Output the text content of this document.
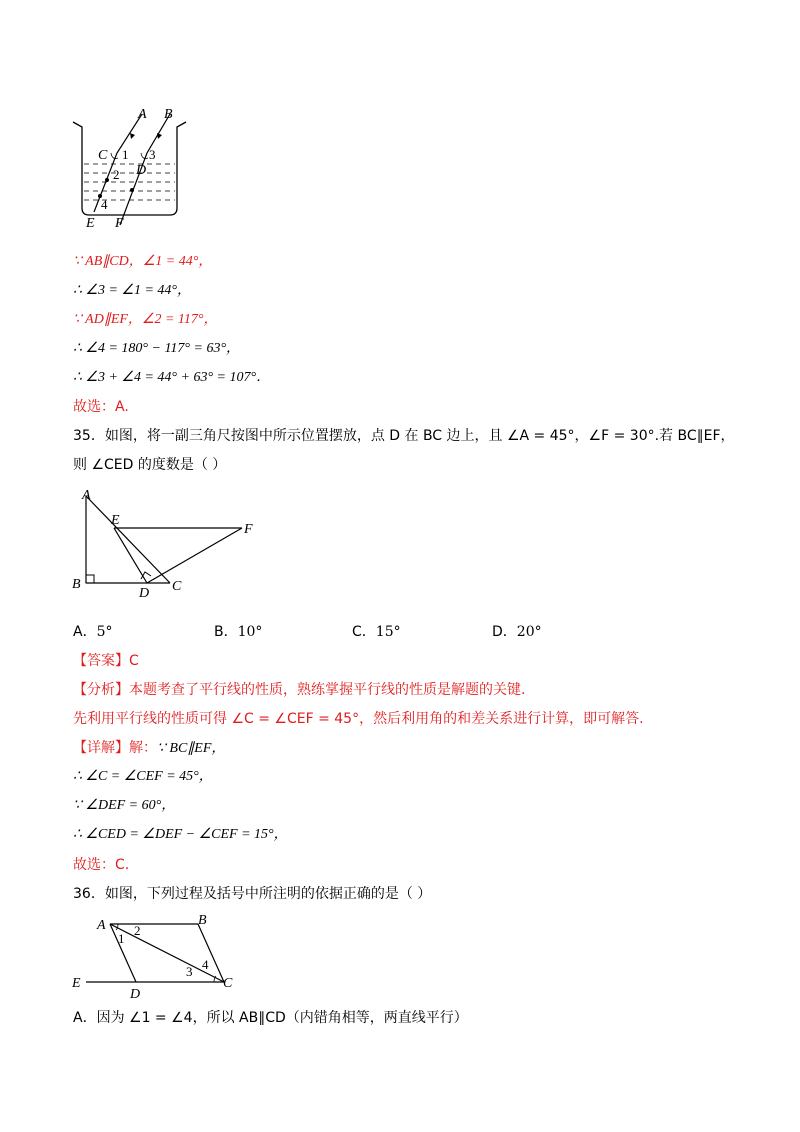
A B
C
D
E F
1
2
3
4
∵ AB∥CD，∠1 = 44°，
∴ ∠3 = ∠1 = 44°，
∵ AD∥EF，∠2 = 117°，
∴ ∠4 = 180° − 117° = 63°，
∴ ∠3 + ∠4 = 44° + 63° = 107°．
故选：A.
35．如图，将一副三角尺按图中所示位置摆放，点 D 在 BC 边上，且 ∠A = 45°，∠F = 30°.若 BC∥EF，
则 ∠CED 的度数是（ ）
A
B	C
D
E
F
A．5°	B．10°	C．15°	D．20°
【答案】C
【分析】本题考查了平行线的性质，熟练掌握平行线的性质是解题的关键.
先利用平行线的性质可得 ∠C = ∠CEF = 45°，然后利用角的和差关系进行计算，即可解答.
【详解】解：∵ BC∥EF，
∴ ∠C = ∠CEF = 45°，
∵ ∠DEF = 60°，
∴ ∠CED = ∠DEF − ∠CEF = 15°，
故选：C.
36．如图，下列过程及括号中所注明的依据正确的是（ ）
A	B
C
D
E
1
2
3 4
A．因为 ∠1 = ∠4，所以 AB∥CD（内错角相等，两直线平行）
